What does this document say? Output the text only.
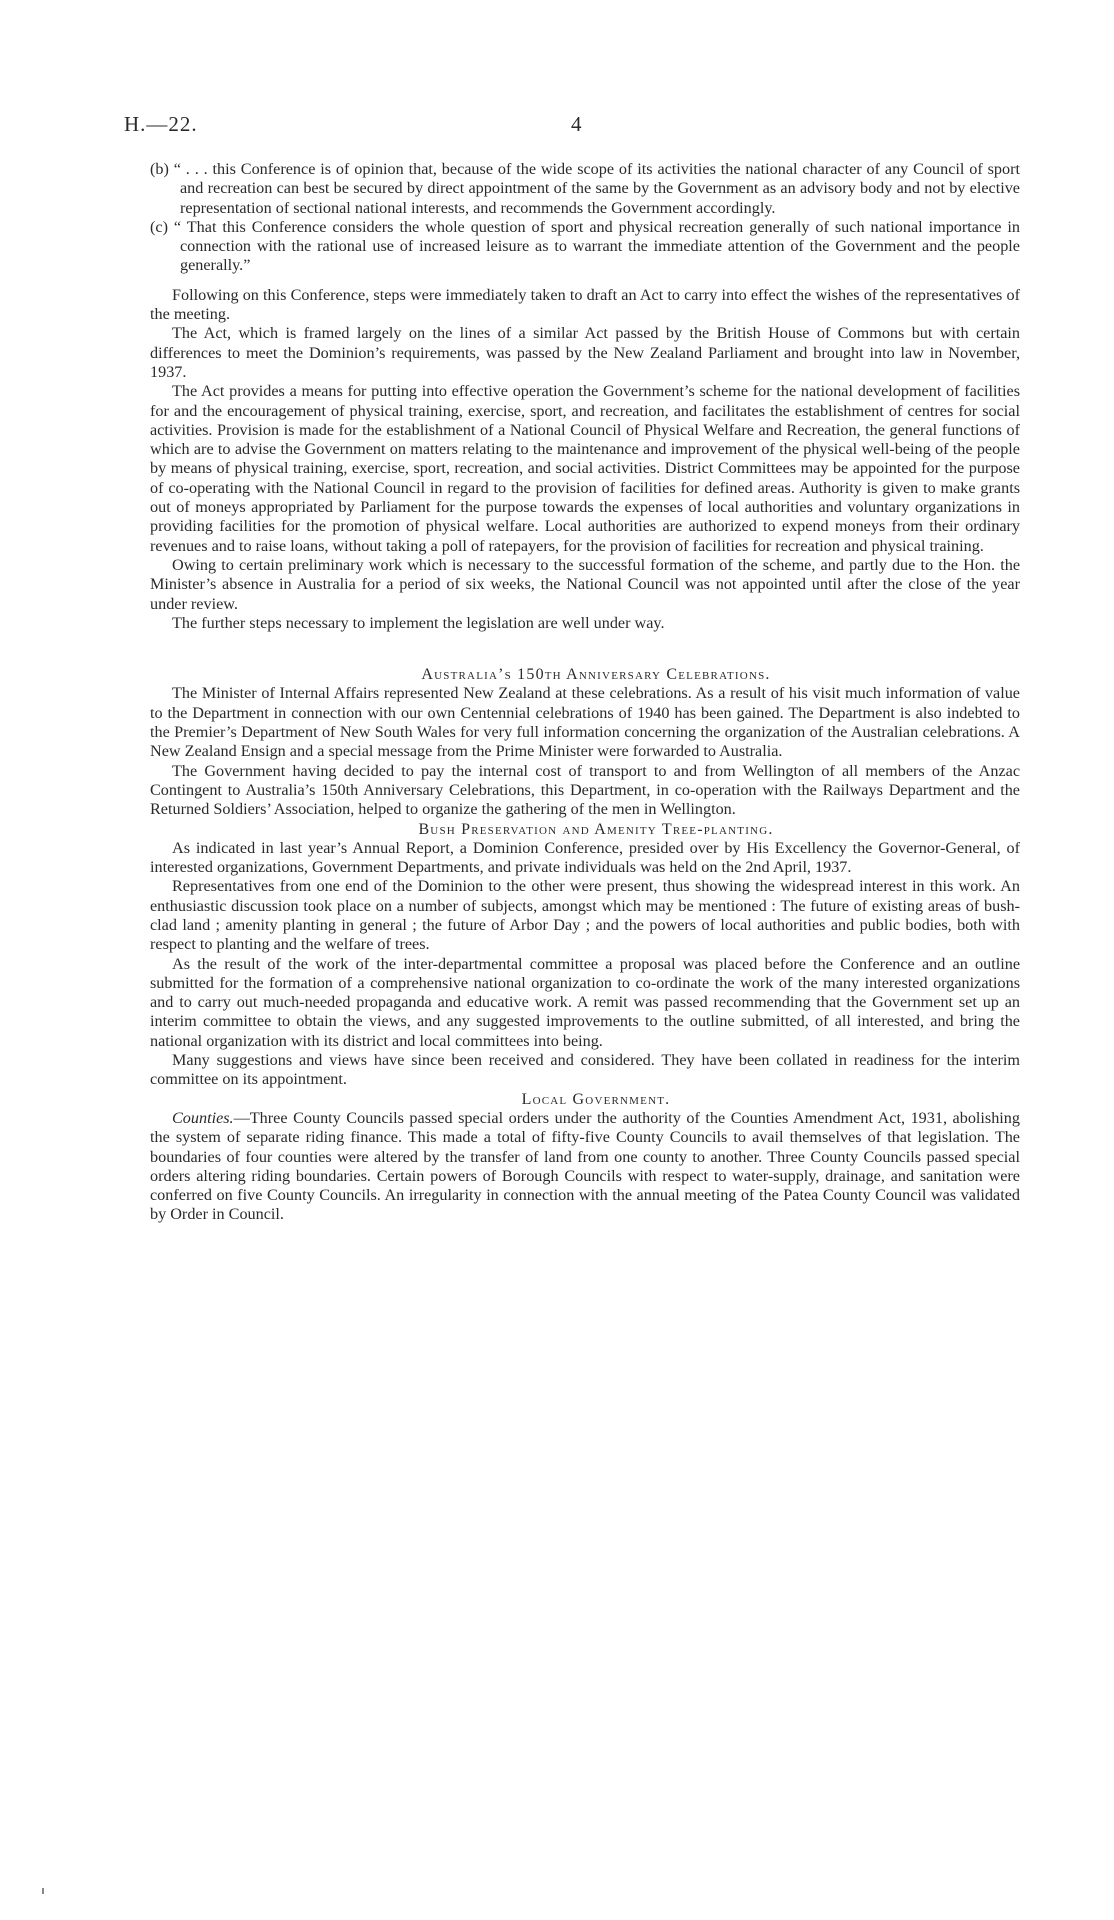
H.—22.	4

(b) “ . . . this Conference is of opinion that, because of the wide scope of its activities the national character of any Council of sport and recreation can best be secured by direct appointment of the same by the Government as an advisory body and not by elective representation of sectional national interests, and recommends the Government accordingly.

(c) “ That this Conference considers the whole question of sport and physical recreation generally of such national importance in connection with the rational use of increased leisure as to warrant the immediate attention of the Government and the people generally.”

Following on this Conference, steps were immediately taken to draft an Act to carry into effect the wishes of the representatives of the meeting.

The Act, which is framed largely on the lines of a similar Act passed by the British House of Commons but with certain differences to meet the Dominion’s requirements, was passed by the New Zealand Parliament and brought into law in November, 1937.

The Act provides a means for putting into effective operation the Government’s scheme for the national development of facilities for and the encouragement of physical training, exercise, sport, and recreation, and facilitates the establishment of centres for social activities. Provision is made for the establishment of a National Council of Physical Welfare and Recreation, the general functions of which are to advise the Government on matters relating to the maintenance and improvement of the physical well-being of the people by means of physical training, exercise, sport, recreation, and social activities. District Committees may be appointed for the purpose of co-operating with the National Council in regard to the provision of facilities for defined areas. Authority is given to make grants out of moneys appropriated by Parliament for the purpose towards the expenses of local authorities and voluntary organizations in providing facilities for the promotion of physical welfare. Local authorities are authorized to expend moneys from their ordinary revenues and to raise loans, without taking a poll of ratepayers, for the provision of facilities for recreation and physical training.

Owing to certain preliminary work which is necessary to the successful formation of the scheme, and partly due to the Hon. the Minister’s absence in Australia for a period of six weeks, the National Council was not appointed until after the close of the year under review.

The further steps necessary to implement the legislation are well under way.

Australia’s 150th Anniversary Celebrations.

The Minister of Internal Affairs represented New Zealand at these celebrations. As a result of his visit much information of value to the Department in connection with our own Centennial celebrations of 1940 has been gained. The Department is also indebted to the Premier’s Department of New South Wales for very full information concerning the organization of the Australian celebrations. A New Zealand Ensign and a special message from the Prime Minister were forwarded to Australia.

The Government having decided to pay the internal cost of transport to and from Wellington of all members of the Anzac Contingent to Australia’s 150th Anniversary Celebrations, this Department, in co-operation with the Railways Department and the Returned Soldiers’ Association, helped to organize the gathering of the men in Wellington.

Bush Preservation and Amenity Tree-planting.

As indicated in last year’s Annual Report, a Dominion Conference, presided over by His Excellency the Governor-General, of interested organizations, Government Departments, and private individuals was held on the 2nd April, 1937.

Representatives from one end of the Dominion to the other were present, thus showing the widespread interest in this work. An enthusiastic discussion took place on a number of subjects, amongst which may be mentioned : The future of existing areas of bush-clad land ; amenity planting in general ; the future of Arbor Day ; and the powers of local authorities and public bodies, both with respect to planting and the welfare of trees.

As the result of the work of the inter-departmental committee a proposal was placed before the Conference and an outline submitted for the formation of a comprehensive national organization to co-ordinate the work of the many interested organizations and to carry out much-needed propaganda and educative work. A remit was passed recommending that the Government set up an interim committee to obtain the views, and any suggested improvements to the outline submitted, of all interested, and bring the national organization with its district and local committees into being.

Many suggestions and views have since been received and considered. They have been collated in readiness for the interim committee on its appointment.

Local Government.

Counties.—Three County Councils passed special orders under the authority of the Counties Amendment Act, 1931, abolishing the system of separate riding finance. This made a total of fifty-five County Councils to avail themselves of that legislation. The boundaries of four counties were altered by the transfer of land from one county to another. Three County Councils passed special orders altering riding boundaries. Certain powers of Borough Councils with respect to water-supply, drainage, and sanitation were conferred on five County Councils. An irregularity in connection with the annual meeting of the Patea County Council was validated by Order in Council.
